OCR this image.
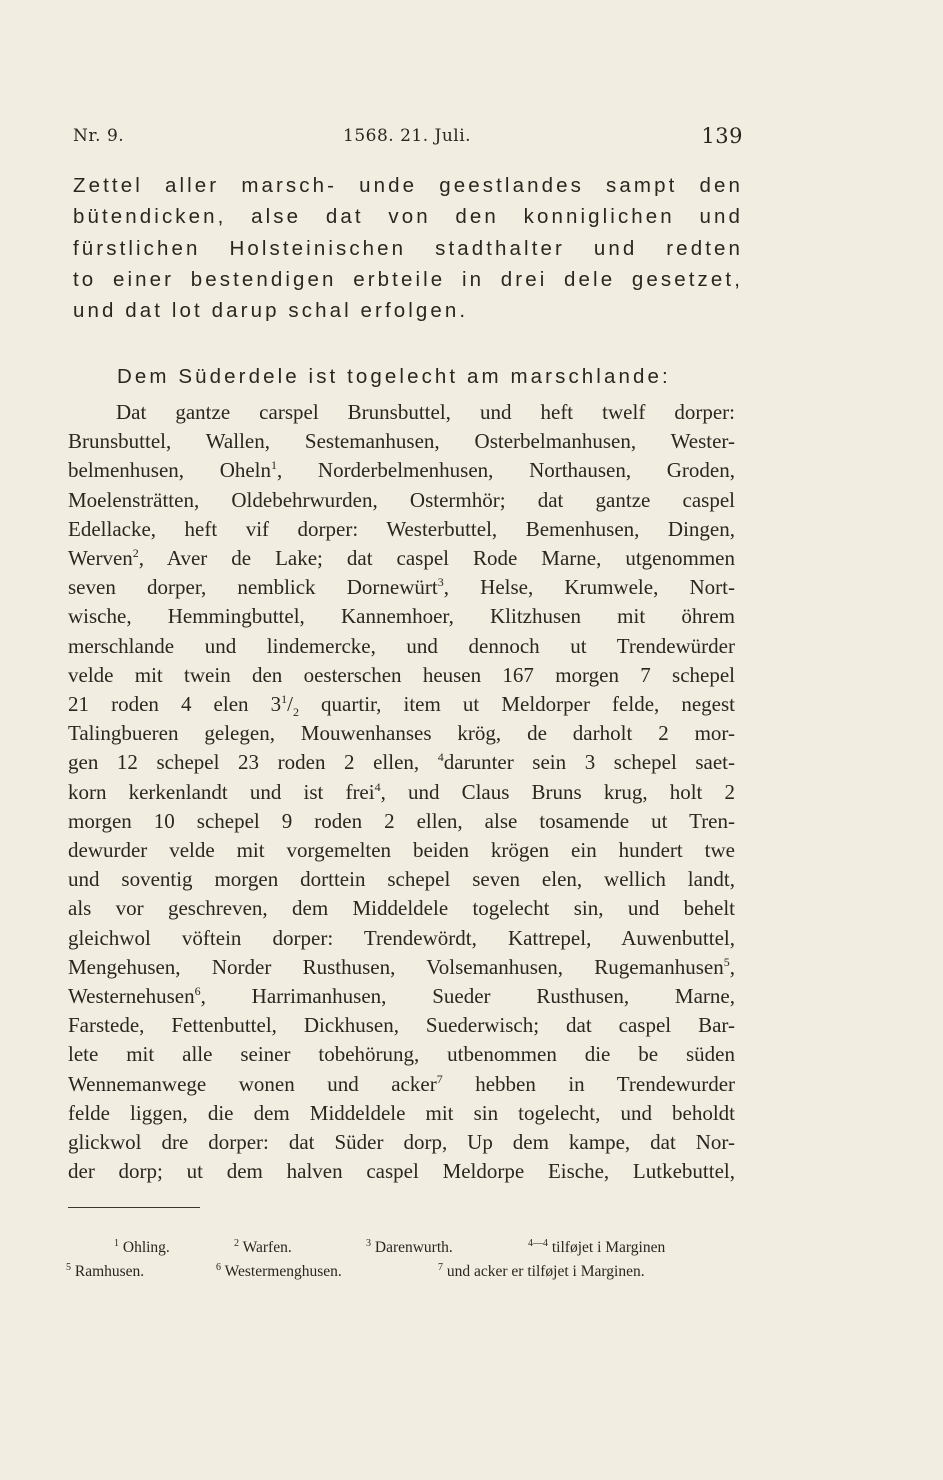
Nr. 9.	1568. 21. Juli.	139
Zettel aller marsch- unde geestlandes sampt den
bütendicken, alse dat von den konniglichen und
fürstlichen Holsteinischen stadthalter und redten
to einer bestendigen erbteile in drei dele gesetzet,
und dat lot darup schal erfolgen.
Dem Süderdele ist togelecht am marschlande:
Dat gantze carspel Brunsbuttel, und heft twelf dorper:
Brunsbuttel, Wallen, Sestemanhusen, Osterbelmanhusen, Wester-
belmenhusen, Oheln$^1$, Norderbelmenhusen, Northausen, Groden,
Moelensträtten, Oldebehrwurden, Ostermhör; dat gantze caspel
Edellacke, heft vif dorper: Westerbuttel, Bemenhusen, Dingen,
Werven$^2$, Aver de Lake; dat caspel Rode Marne, utgenommen
seven dorper, nemblick Dornewürt$^3$, Helse, Krumwele, Nort-
wische, Hemmingbuttel, Kannemhoer, Klitzhusen mit öhrem
merschlande und lindemercke, und dennoch ut Trendewürder
velde mit twein den oesterschen heusen 167 morgen 7 schepel
21 roden 4 elen $3^1/_2$ quartir, item ut Meldorper felde, negest
Talingbueren gelegen, Mouwenhanses krög, de darholt 2 mor-
gen 12 schepel 23 roden 2 ellen, $^4$darunter sein 3 schepel saet-
korn kerkenlandt und ist frei$^4$, und Claus Bruns krug, holt 2
morgen 10 schepel 9 roden 2 ellen, alse tosamende ut Tren-
dewurder velde mit vorgemelten beiden krögen ein hundert twe
und soventig morgen dorttein schepel seven elen, wellich landt,
als vor geschreven, dem Middeldele togelecht sin, und behelt
gleichwol vöftein dorper: Trendewördt, Kattrepel, Auwenbuttel,
Mengehusen, Norder Rusthusen, Volsemanhusen, Rugemanhusen$^5$,
Westernehusen$^6$, Harrimanhusen, Sueder Rusthusen, Marne,
Farstede, Fettenbuttel, Dickhusen, Suederwisch; dat caspel Bar-
lete mit alle seiner tobehörung, utbenommen die be süden
Wennemanwege wonen und acker$^7$ hebben in Trendewurder
felde liggen, die dem Middeldele mit sin togelecht, und beholdt
glickwol dre dorper: dat Süder dorp, Up dem kampe, dat Nor-
der dorp; ut dem halven caspel Meldorpe Eische, Lutkebuttel,
$^1$ Ohling.	$^2$ Warfen.	$^3$ Darenwurth.	$^{4—4}$ tilføjet i Marginen
$^5$ Ramhusen.	$^6$ Westermenghusen.	$^7$ und acker er tilføjet i Marginen.
